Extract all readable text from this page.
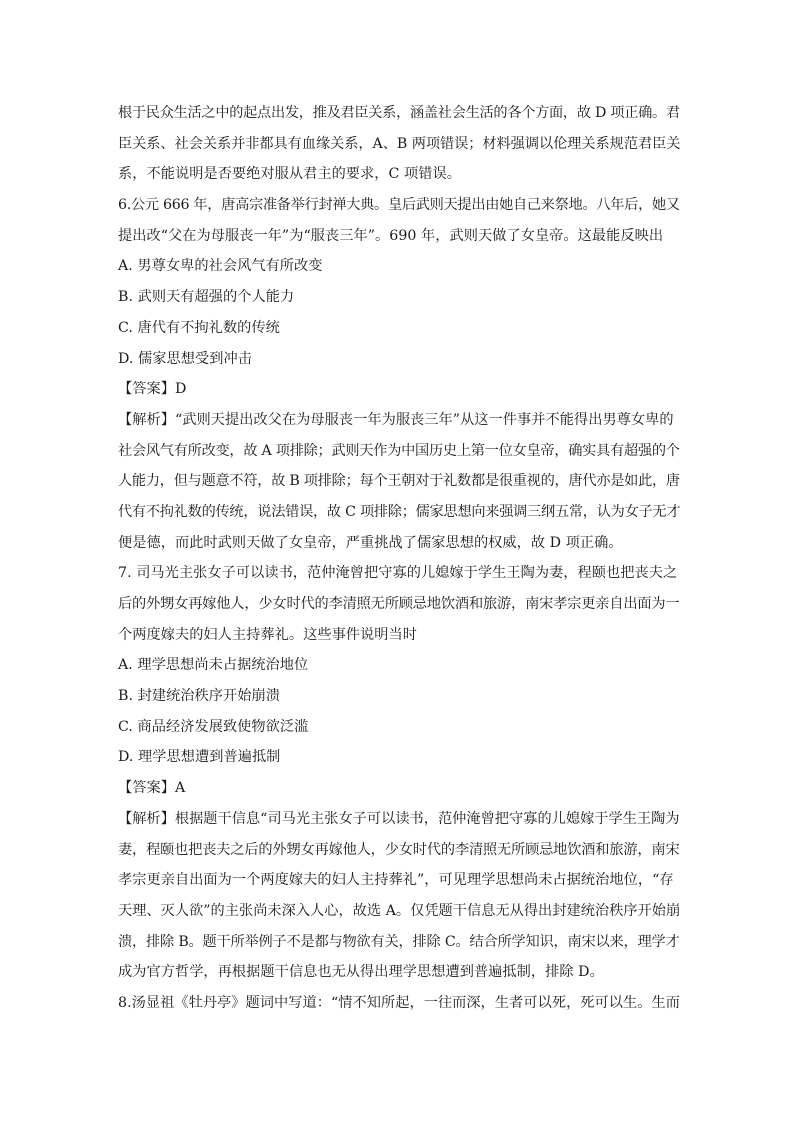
根于民众生活之中的起点出发，推及君臣关系，涵盖社会生活的各个方面，故 D 项正确。君
臣关系、社会关系并非都具有血缘关系，A、B 两项错误；材料强调以伦理关系规范君臣关
系，不能说明是否要绝对服从君主的要求，C 项错误。
6.公元 666 年，唐高宗准备举行封禅大典。皇后武则天提出由她自己来祭地。八年后，她又
提出改“父在为母服丧一年”为“服丧三年”。690 年，武则天做了女皇帝。这最能反映出
A. 男尊女卑的社会风气有所改变
B. 武则天有超强的个人能力
C. 唐代有不拘礼数的传统
D. 儒家思想受到冲击
【答案】D
【解析】“武则天提出改父在为母服丧一年为服丧三年”从这一件事并不能得出男尊女卑的
社会风气有所改变，故 A 项排除；武则天作为中国历史上第一位女皇帝，确实具有超强的个
人能力，但与题意不符，故 B 项排除；每个王朝对于礼数都是很重视的，唐代亦是如此，唐
代有不拘礼数的传统，说法错误，故 C 项排除；儒家思想向来强调三纲五常，认为女子无才
便是德，而此时武则天做了女皇帝，严重挑战了儒家思想的权威，故 D 项正确。
7. 司马光主张女子可以读书，范仲淹曾把守寡的儿媳嫁于学生王陶为妻，程颐也把丧夫之
后的外甥女再嫁他人，少女时代的李清照无所顾忌地饮酒和旅游，南宋孝宗更亲自出面为一
个两度嫁夫的妇人主持葬礼。这些事件说明当时
A. 理学思想尚未占据统治地位
B. 封建统治秩序开始崩溃
C. 商品经济发展致使物欲泛滥
D. 理学思想遭到普遍抵制
【答案】A
【解析】根据题干信息“司马光主张女子可以读书，范仲淹曾把守寡的儿媳嫁于学生王陶为
妻，程颐也把丧夫之后的外甥女再嫁他人，少女时代的李清照无所顾忌地饮酒和旅游，南宋
孝宗更亲自出面为一个两度嫁夫的妇人主持葬礼”，可见理学思想尚未占据统治地位，“存
天理、灭人欲”的主张尚未深入人心，故选 A。仅凭题干信息无从得出封建统治秩序开始崩
溃，排除 B。题干所举例子不是都与物欲有关，排除 C。结合所学知识，南宋以来，理学才
成为官方哲学，再根据题干信息也无从得出理学思想遭到普遍抵制，排除 D。
8.汤显祖《牡丹亭》题词中写道：“情不知所起，一往而深，生者可以死，死可以生。生而
